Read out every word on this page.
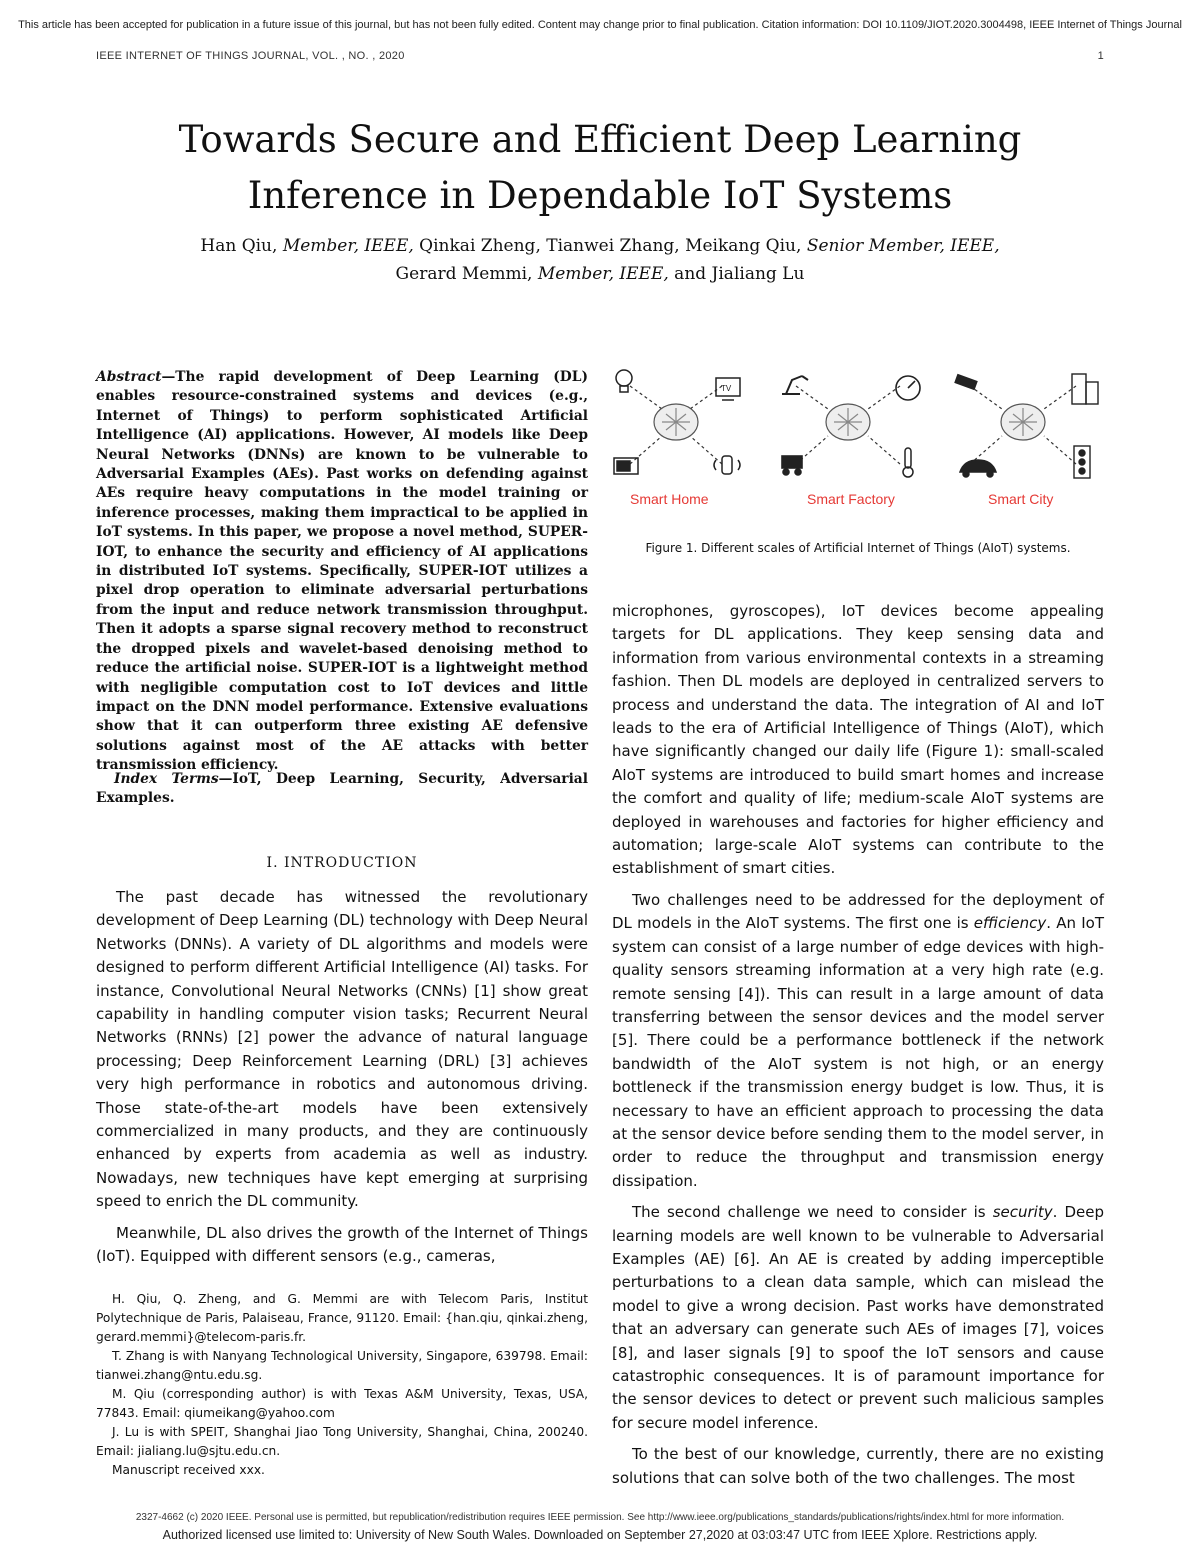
This article has been accepted for publication in a future issue of this journal, but has not been fully edited. Content may change prior to final publication. Citation information: DOI 10.1109/JIOT.2020.3004498, IEEE Internet of Things Journal
IEEE INTERNET OF THINGS JOURNAL, VOL. , NO. , 2020	1
Towards Secure and Efficient Deep Learning
Inference in Dependable IoT Systems
Han Qiu, Member, IEEE, Qinkai Zheng, Tianwei Zhang, Meikang Qiu, Senior Member, IEEE,
Gerard Memmi, Member, IEEE, and Jialiang Lu
Abstract—The rapid development of Deep Learning (DL) enables resource-constrained systems and devices (e.g., Internet of Things) to perform sophisticated Artificial Intelligence (AI) applications. However, AI models like Deep Neural Networks (DNNs) are known to be vulnerable to Adversarial Examples (AEs). Past works on defending against AEs require heavy computations in the model training or inference processes, making them impractical to be applied in IoT systems. In this paper, we propose a novel method, SUPER-IOT, to enhance the security and efficiency of AI applications in distributed IoT systems. Specifically, SUPER-IOT utilizes a pixel drop operation to eliminate adversarial perturbations from the input and reduce network transmission throughput. Then it adopts a sparse signal recovery method to reconstruct the dropped pixels and wavelet-based denoising method to reduce the artificial noise. SUPER-IOT is a lightweight method with negligible computation cost to IoT devices and little impact on the DNN model performance. Extensive evaluations show that it can outperform three existing AE defensive solutions against most of the AE attacks with better transmission efficiency.
Index Terms—IoT, Deep Learning, Security, Adversarial Examples.
I. INTRODUCTION

The past decade has witnessed the revolutionary development of Deep Learning (DL) technology with Deep Neural Networks (DNNs). A variety of DL algorithms and models were designed to perform different Artificial Intelligence (AI) tasks. For instance, Convolutional Neural Networks (CNNs) [1] show great capability in handling computer vision tasks; Recurrent Neural Networks (RNNs) [2] power the advance of natural language processing; Deep Reinforcement Learning (DRL) [3] achieves very high performance in robotics and autonomous driving. Those state-of-the-art models have been extensively commercialized in many products, and they are continuously enhanced by experts from academia as well as industry. Nowadays, new techniques have kept emerging at surprising speed to enrich the DL community.

Meanwhile, DL also drives the growth of the Internet of Things (IoT). Equipped with different sensors (e.g., cameras,

H. Qiu, Q. Zheng, and G. Memmi are with Telecom Paris, Institut Polytechnique de Paris, Palaiseau, France, 91120. Email: {han.qiu, qinkai.zheng, gerard.memmi}@telecom-paris.fr.

T. Zhang is with Nanyang Technological University, Singapore, 639798. Email: tianwei.zhang@ntu.edu.sg.

M. Qiu (corresponding author) is with Texas A&M University, Texas, USA, 77843. Email: qiumeikang@yahoo.com

J. Lu is with SPEIT, Shanghai Jiao Tong University, Shanghai, China, 200240. Email: jialiang.lu@sjtu.edu.cn.

Manuscript received xxx.

TV
Smart Home	Smart Factory	Smart City
Figure 1. Different scales of Artificial Internet of Things (AIoT) systems.

microphones, gyroscopes), IoT devices become appealing targets for DL applications. They keep sensing data and information from various environmental contexts in a streaming fashion. Then DL models are deployed in centralized servers to process and understand the data. The integration of AI and IoT leads to the era of Artificial Intelligence of Things (AIoT), which have significantly changed our daily life (Figure 1): small-scaled AIoT systems are introduced to build smart homes and increase the comfort and quality of life; medium-scale AIoT systems are deployed in warehouses and factories for higher efficiency and automation; large-scale AIoT systems can contribute to the establishment of smart cities.

Two challenges need to be addressed for the deployment of DL models in the AIoT systems. The first one is efficiency. An IoT system can consist of a large number of edge devices with high-quality sensors streaming information at a very high rate (e.g. remote sensing [4]). This can result in a large amount of data transferring between the sensor devices and the model server [5]. There could be a performance bottleneck if the network bandwidth of the AIoT system is not high, or an energy bottleneck if the transmission energy budget is low. Thus, it is necessary to have an efficient approach to processing the data at the sensor device before sending them to the model server, in order to reduce the throughput and transmission energy dissipation.

The second challenge we need to consider is security. Deep learning models are well known to be vulnerable to Adversarial Examples (AE) [6]. An AE is created by adding imperceptible perturbations to a clean data sample, which can mislead the model to give a wrong decision. Past works have demonstrated that an adversary can generate such AEs of images [7], voices [8], and laser signals [9] to spoof the IoT sensors and cause catastrophic consequences. It is of paramount importance for the sensor devices to detect or prevent such malicious samples for secure model inference.

To the best of our knowledge, currently, there are no existing solutions that can solve both of the two challenges. The most

2327-4662 (c) 2020 IEEE. Personal use is permitted, but republication/redistribution requires IEEE permission. See http://www.ieee.org/publications_standards/publications/rights/index.html for more information.
Authorized licensed use limited to: University of New South Wales. Downloaded on September 27,2020 at 03:03:47 UTC from IEEE Xplore. Restrictions apply.
